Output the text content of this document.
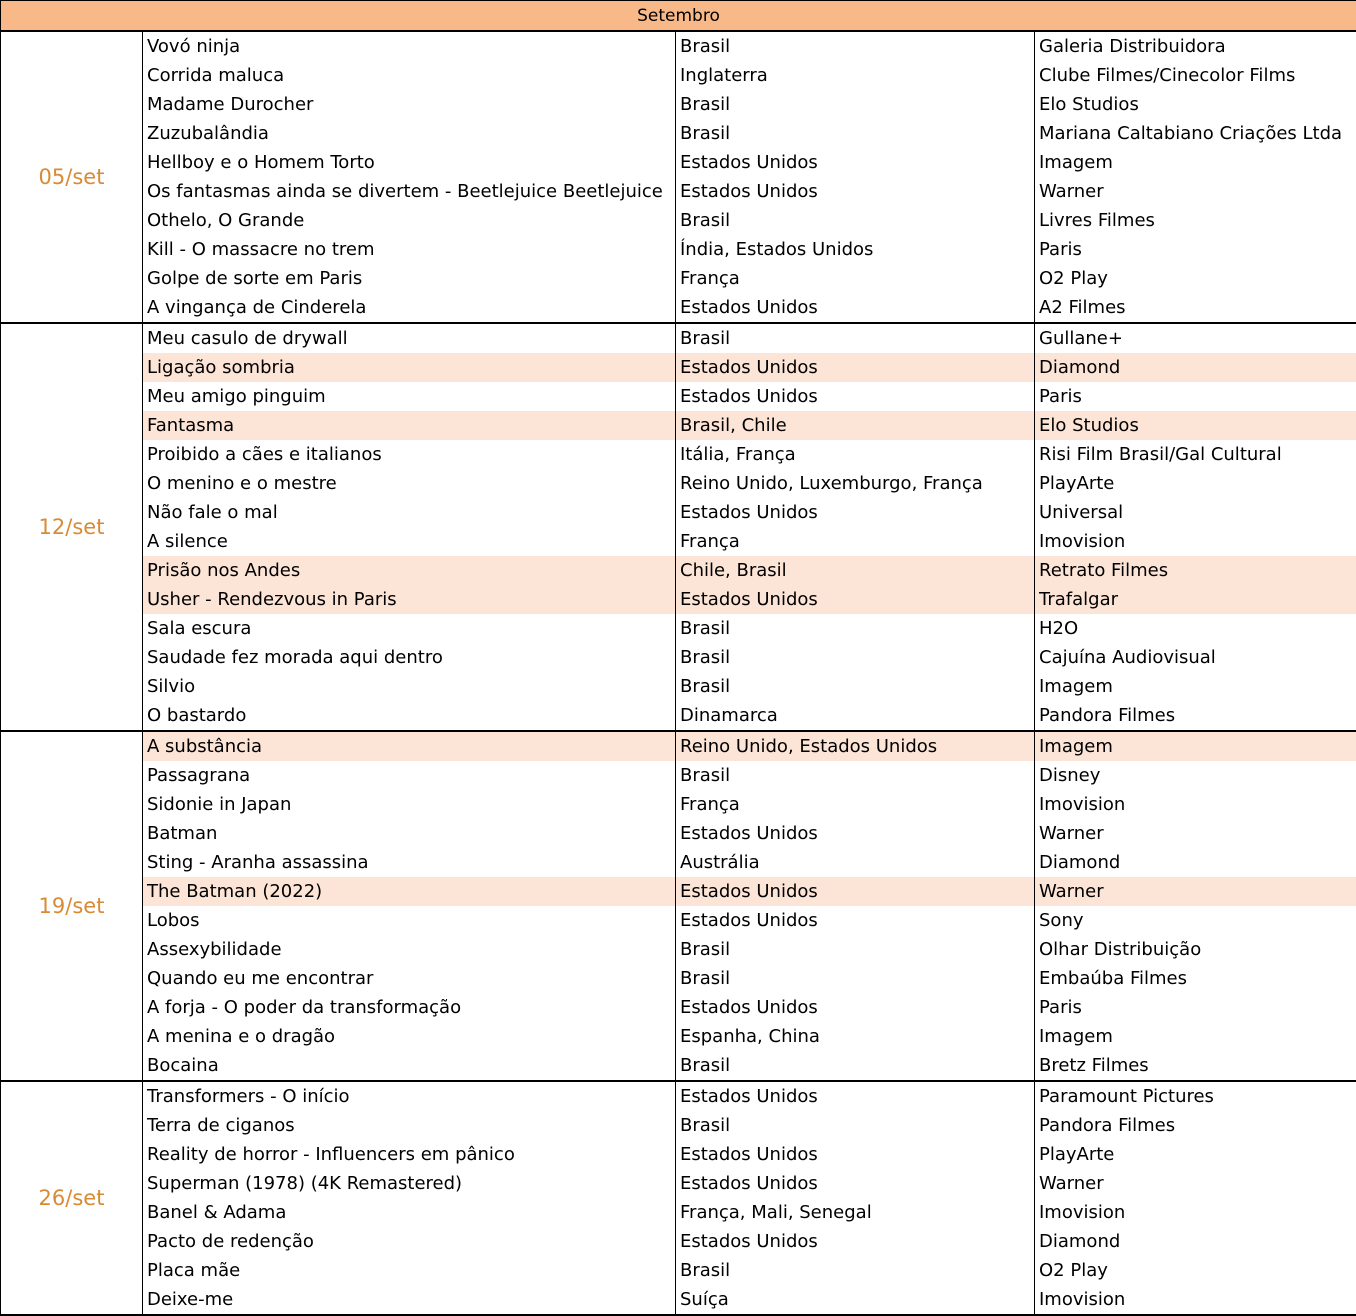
Setembro			
05/set	Vovó ninja	Brasil	Galeria Distribuidora
	Corrida maluca	Inglaterra	Clube Filmes/Cinecolor Films
	Madame Durocher	Brasil	Elo Studios
	Zuzubalândia	Brasil	Mariana Caltabiano Criações Ltda
	Hellboy e o Homem Torto	Estados Unidos	Imagem
	Os fantasmas ainda se divertem - Beetlejuice Beetlejuice	Estados Unidos	Warner
	Othelo, O Grande	Brasil	Livres Filmes
	Kill - O massacre no trem	Índia, Estados Unidos	Paris
	Golpe de sorte em Paris	França	O2 Play
	A vingança de Cinderela	Estados Unidos	A2 Filmes
12/set	Meu casulo de drywall	Brasil	Gullane+
	Ligação sombria	Estados Unidos	Diamond
	Meu amigo pinguim	Estados Unidos	Paris
	Fantasma	Brasil, Chile	Elo Studios
	Proibido a cães e italianos	Itália, França	Risi Film Brasil/Gal Cultural
	O menino e o mestre	Reino Unido, Luxemburgo, França	PlayArte
	Não fale o mal	Estados Unidos	Universal
	A silence	França	Imovision
	Prisão nos Andes	Chile, Brasil	Retrato Filmes
	Usher - Rendezvous in Paris	Estados Unidos	Trafalgar
	Sala escura	Brasil	H2O
	Saudade fez morada aqui dentro	Brasil	Cajuína Audiovisual
	Silvio	Brasil	Imagem
	O bastardo	Dinamarca	Pandora Filmes
19/set	A substância	Reino Unido, Estados Unidos	Imagem
	Passagrana	Brasil	Disney
	Sidonie in Japan	França	Imovision
	Batman	Estados Unidos	Warner
	Sting - Aranha assassina	Austrália	Diamond
	The Batman (2022)	Estados Unidos	Warner
	Lobos	Estados Unidos	Sony
	Assexybilidade	Brasil	Olhar Distribuição
	Quando eu me encontrar	Brasil	Embaúba Filmes
	A forja - O poder da transformação	Estados Unidos	Paris
	A menina e o dragão	Espanha, China	Imagem
	Bocaina	Brasil	Bretz Filmes
26/set	Transformers - O início	Estados Unidos	Paramount Pictures
	Terra de ciganos	Brasil	Pandora Filmes
	Reality de horror - Influencers em pânico	Estados Unidos	PlayArte
	Superman (1978) (4K Remastered)	Estados Unidos	Warner
	Banel & Adama	França, Mali, Senegal	Imovision
	Pacto de redenção	Estados Unidos	Diamond
	Placa mãe	Brasil	O2 Play
	Deixe-me	Suíça	Imovision
